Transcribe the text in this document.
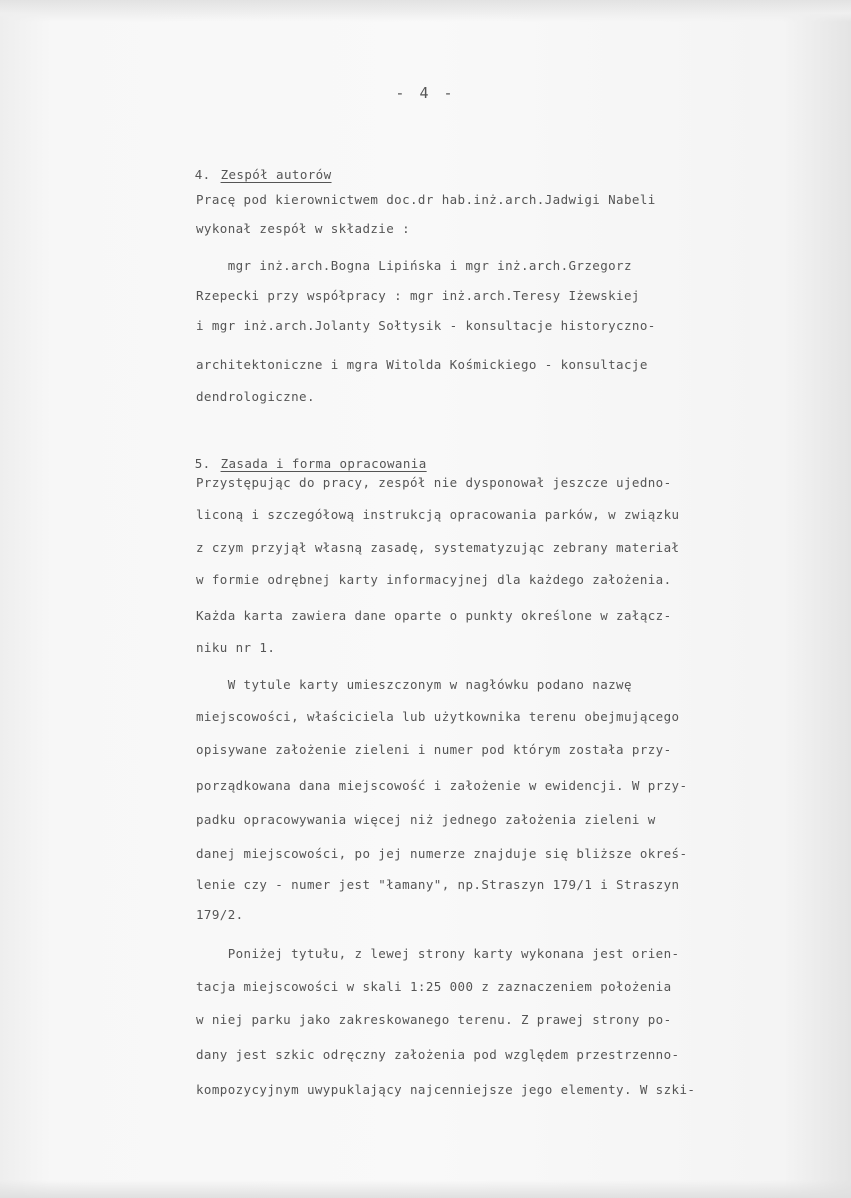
- 4 -

4. Zespół autorów

Pracę pod kierownictwem doc.dr hab.inż.arch.Jadwigi Nabeli
wykonał zespół w składzie :
mgr inż.arch.Bogna Lipińska i mgr inż.arch.Grzegorz
Rzepecki przy współpracy : mgr inż.arch.Teresy Iżewskiej
i mgr inż.arch.Jolanty Sołtysik - konsultacje historyczno-
architektoniczne i mgra Witolda Kośmickiego - konsultacje
dendrologiczne.

5. Zasada i forma opracowania

Przystępując do pracy, zespół nie dysponował jeszcze ujedno-
liconą i szczegółową instrukcją opracowania parków, w związku
z czym przyjął własną zasadę, systematyzując zebrany materiał
w formie odrębnej karty informacyjnej dla każdego założenia.
Każda karta zawiera dane oparte o punkty określone w załącz-
niku nr 1.
W tytule karty umieszczonym w nagłówku podano nazwę
miejscowości, właściciela lub użytkownika terenu obejmującego
opisywane założenie zieleni i numer pod którym została przy-
porządkowana dana miejscowość i założenie w ewidencji. W przy-
padku opracowywania więcej niż jednego założenia zieleni w
danej miejscowości, po jej numerze znajduje się bliższe okreś-
lenie czy - numer jest "łamany", np.Straszyn 179/1 i Straszyn
179/2.
Poniżej tytułu, z lewej strony karty wykonana jest orien-
tacja miejscowości w skali 1:25 000 z zaznaczeniem położenia
w niej parku jako zakreskowanego terenu. Z prawej strony po-
dany jest szkic odręczny założenia pod względem przestrzenno-
kompozycyjnym uwypuklający najcenniejsze jego elementy. W szki-
